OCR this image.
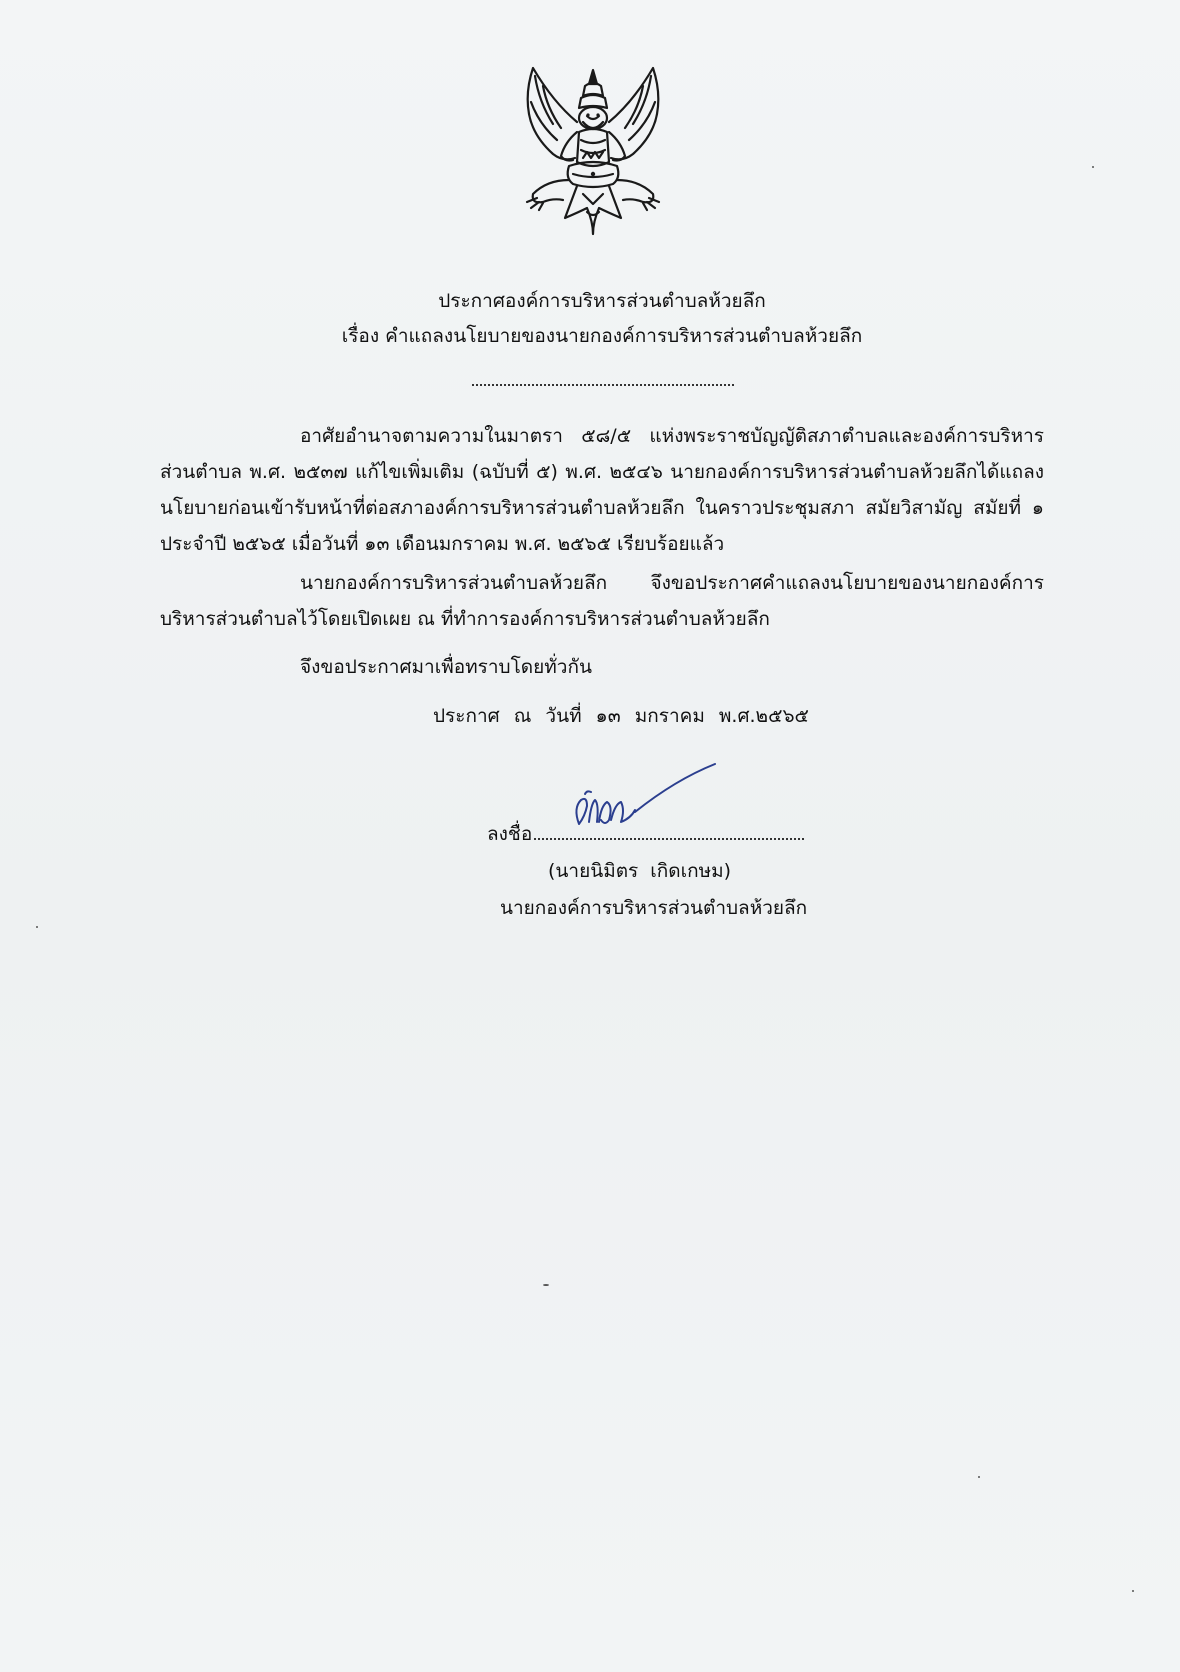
ประกาศองค์การบริหารส่วนตำบลห้วยลึก
เรื่อง คำแถลงนโยบายของนายกองค์การบริหารส่วนตำบลห้วยลึก
อาศัยอำนาจตามความในมาตรา ๕๘/๕ แห่งพระราชบัญญัติสภาตำบลและองค์การบริหารส่วนตำบล พ.ศ. ๒๕๓๗ แก้ไขเพิ่มเติม (ฉบับที่ ๕) พ.ศ. ๒๕๔๖ นายกองค์การบริหารส่วนตำบลห้วยลึกได้แถลงนโยบายก่อนเข้ารับหน้าที่ต่อสภาองค์การบริหารส่วนตำบลห้วยลึก ในคราวประชุมสภา สมัยวิสามัญ สมัยที่ ๑ ประจำปี ๒๕๖๕ เมื่อวันที่ ๑๓ เดือนมกราคม พ.ศ. ๒๕๖๕ เรียบร้อยแล้ว
นายกองค์การบริหารส่วนตำบลห้วยลึก จึงขอประกาศคำแถลงนโยบายของนายกองค์การบริหารส่วนตำบลไว้โดยเปิดเผย ณ ที่ทำการองค์การบริหารส่วนตำบลห้วยลึก
จึงขอประกาศมาเพื่อทราบโดยทั่วกัน
ประกาศ ณ วันที่ ๑๓ มกราคม พ.ศ.๒๕๖๕
ลงชื่อ
(นายนิมิตร เกิดเกษม)
นายกองค์การบริหารส่วนตำบลห้วยลึก
